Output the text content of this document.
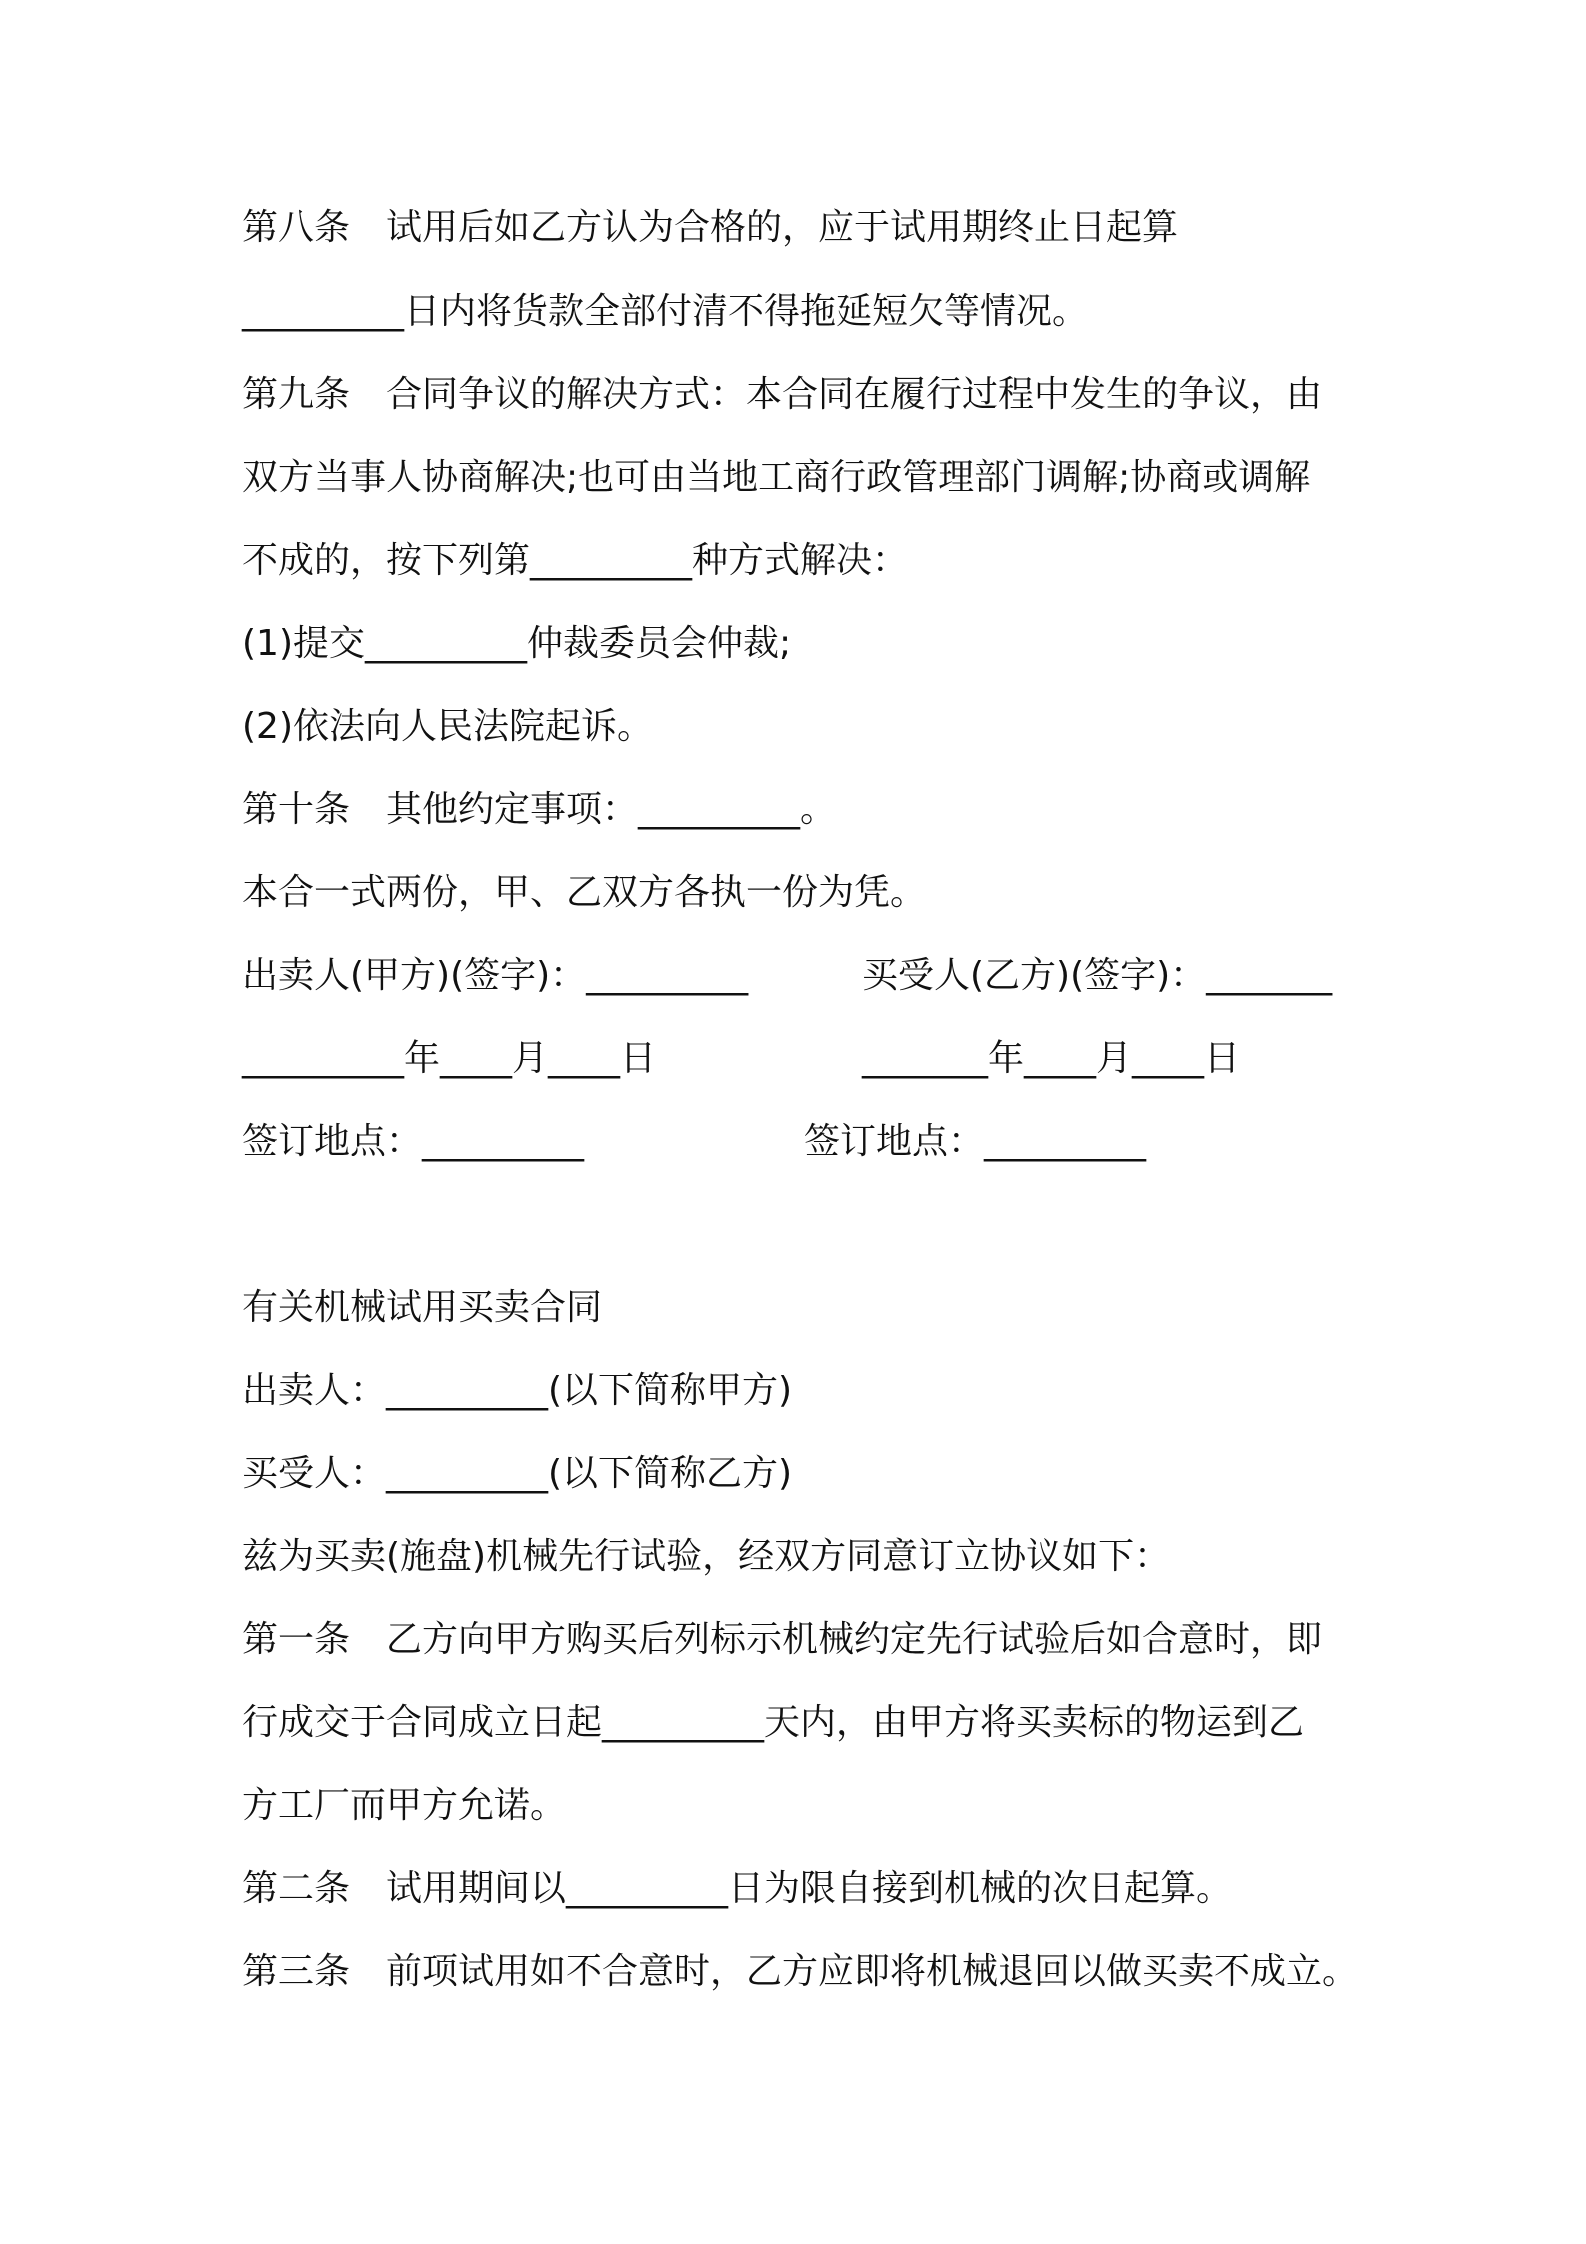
第八条　试用后如乙方认为合格的，应于试用期终止日起算
_________日内将货款全部付清不得拖延短欠等情况。
第九条　合同争议的解决方式：本合同在履行过程中发生的争议，由
双方当事人协商解决;也可由当地工商行政管理部门调解;协商或调解
不成的，按下列第_________种方式解决：
(1)提交_________仲裁委员会仲裁;
(2)依法向人民法院起诉。
第十条　其他约定事项：_________。
本合一式两份，甲、乙双方各执一份为凭。
出卖人(甲方)(签字)：_________	买受人(乙方)(签字)：_______
_________年____月____日	_______年____月____日
签订地点：_________	签订地点：_________
有关机械试用买卖合同
出卖人：_________(以下简称甲方)
买受人：_________(以下简称乙方)
兹为买卖(施盘)机械先行试验，经双方同意订立协议如下：
第一条　乙方向甲方购买后列标示机械约定先行试验后如合意时，即
行成交于合同成立日起_________天内，由甲方将买卖标的物运到乙
方工厂而甲方允诺。
第二条　试用期间以_________日为限自接到机械的次日起算。
第三条　前项试用如不合意时，乙方应即将机械退回以做买卖不成立。
